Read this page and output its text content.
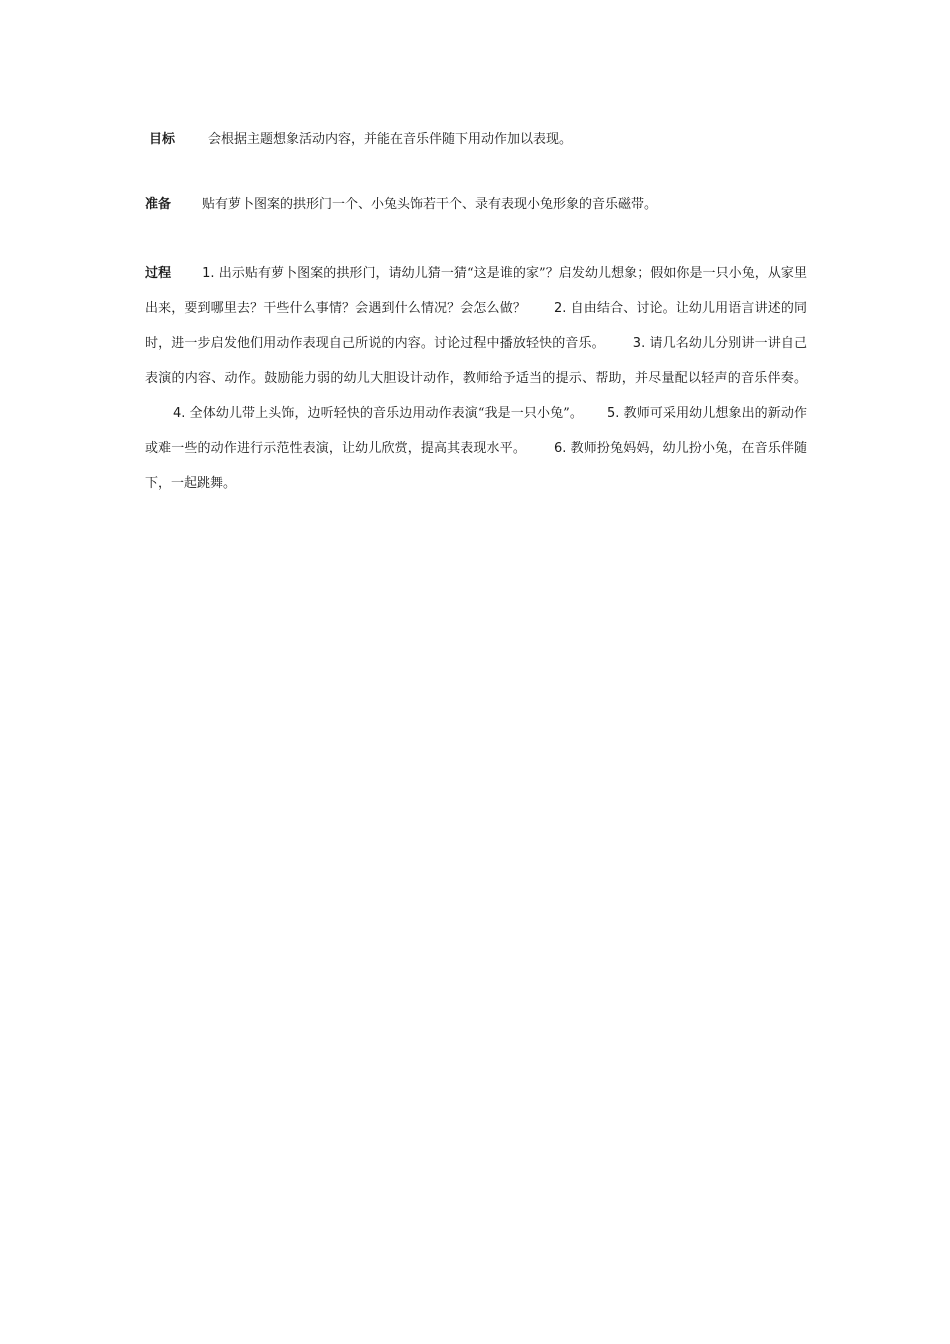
目标	会根据主题想象活动内容，并能在音乐伴随下用动作加以表现。
准备 贴有萝卜图案的拱形门一个、小兔头饰若干个、录有表现小兔形象的音乐磁带。
过程 1. 出示贴有萝卜图案的拱形门，请幼儿猜一猜“这是谁的家”？启发幼儿想象；假如你是一只小兔，从家里出来，要到哪里去？干些什么事情？会遇到什么情况？会怎么做？ 2. 自由结合、讨论。让幼儿用语言讲述的同时，进一步启发他们用动作表现自己所说的内容。讨论过程中播放轻快的音乐。 3. 请几名幼儿分别讲一讲自己表演的内容、动作。鼓励能力弱的幼儿大胆设计动作，教师给予适当的提示、帮助，并尽量配以轻声的音乐伴奏。4. 全体幼儿带上头饰，边听轻快的音乐边用动作表演“我是一只小兔”。 5. 教师可采用幼儿想象出的新动作或难一些的动作进行示范性表演，让幼儿欣赏，提高其表现水平。 6. 教师扮兔妈妈，幼儿扮小兔，在音乐伴随下，一起跳舞。
